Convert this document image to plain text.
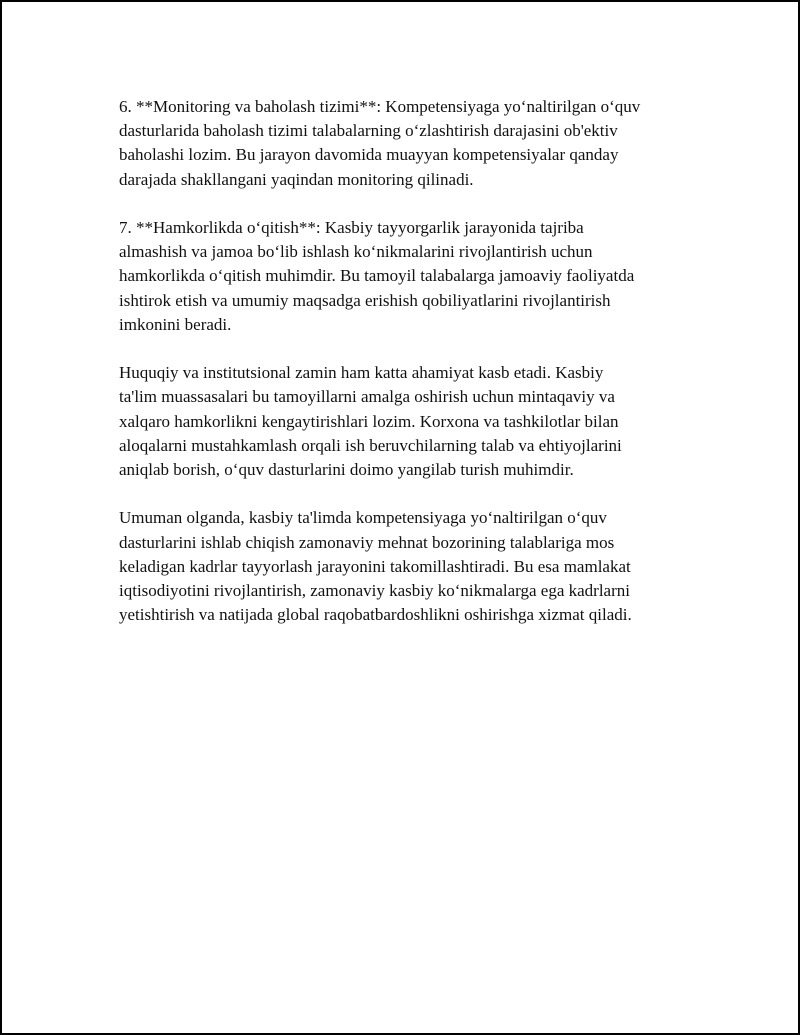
6. **Monitoring va baholash tizimi**: Kompetensiyaga yo‘naltirilgan o‘quv
dasturlarida baholash tizimi talabalarning o‘zlashtirish darajasini ob'ektiv
baholashi lozim. Bu jarayon davomida muayyan kompetensiyalar qanday
darajada shakllangani yaqindan monitoring qilinadi.

7. **Hamkorlikda o‘qitish**: Kasbiy tayyorgarlik jarayonida tajriba
almashish va jamoa bo‘lib ishlash ko‘nikmalarini rivojlantirish uchun
hamkorlikda o‘qitish muhimdir. Bu tamoyil talabalarga jamoaviy faoliyatda
ishtirok etish va umumiy maqsadga erishish qobiliyatlarini rivojlantirish
imkonini beradi.

Huquqiy va institutsional zamin ham katta ahamiyat kasb etadi. Kasbiy
ta'lim muassasalari bu tamoyillarni amalga oshirish uchun mintaqaviy va
xalqaro hamkorlikni kengaytirishlari lozim. Korxona va tashkilotlar bilan
aloqalarni mustahkamlash orqali ish beruvchilarning talab va ehtiyojlarini
aniqlab borish, o‘quv dasturlarini doimo yangilab turish muhimdir.

Umuman olganda, kasbiy ta'limda kompetensiyaga yo‘naltirilgan o‘quv
dasturlarini ishlab chiqish zamonaviy mehnat bozorining talablariga mos
keladigan kadrlar tayyorlash jarayonini takomillashtiradi. Bu esa mamlakat
iqtisodiyotini rivojlantirish, zamonaviy kasbiy ko‘nikmalarga ega kadrlarni
yetishtirish va natijada global raqobatbardoshlikni oshirishga xizmat qiladi.
